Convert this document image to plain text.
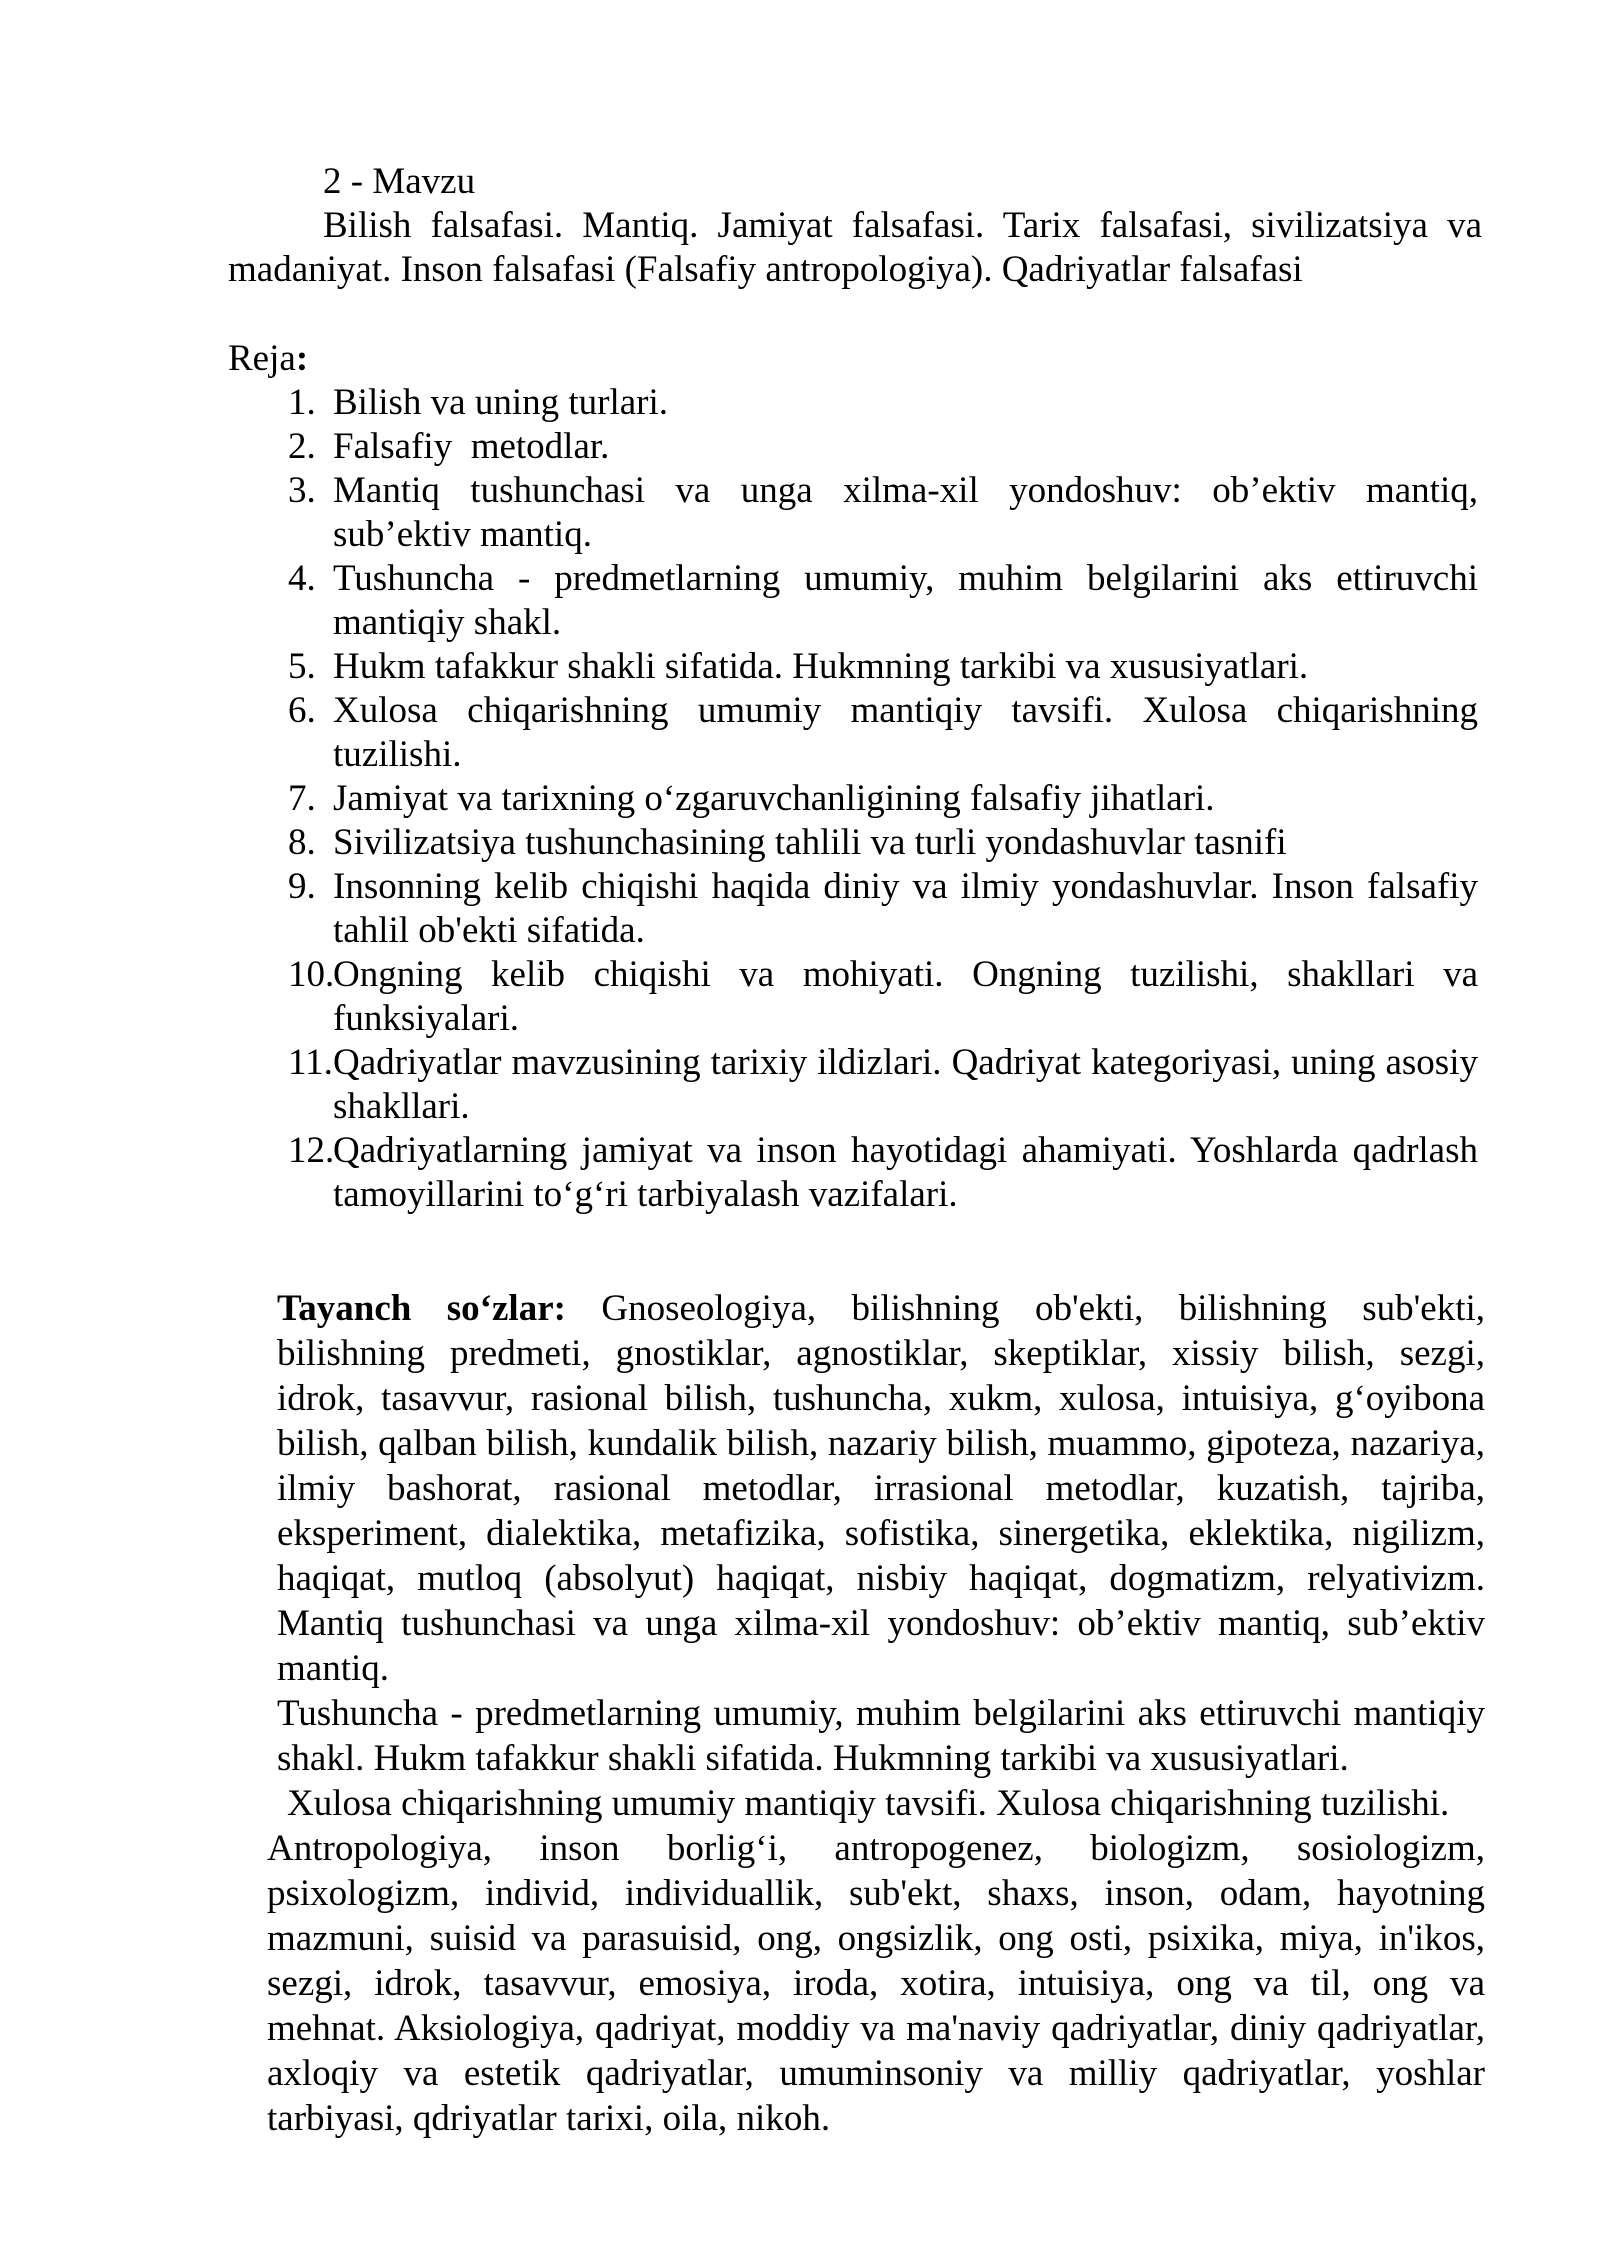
2 - Mavzu
Bilish falsafasi. Mantiq. Jamiyat falsafasi. Tarix falsafasi, sivilizatsiya va
madaniyat. Inson falsafasi (Falsafiy antropologiya). Qadriyatlar falsafasi
Reja:
1. Bilish va uning turlari.
2. Falsafiy  metodlar.
3. Mantiq tushunchasi va unga xilma-xil yondoshuv: ob’ektiv mantiq,
sub’ektiv mantiq.
4. Tushuncha - predmetlarning umumiy, muhim belgilarini aks ettiruvchi
mantiqiy shakl.
5. Hukm tafakkur shakli sifatida. Hukmning tarkibi va xususiyatlari.
6. Xulosa chiqarishning umumiy mantiqiy tavsifi. Xulosa chiqarishning
tuzilishi.
7. Jamiyat va tarixning oʻzgaruvchanligining falsafiy jihatlari.
8. Sivilizatsiya tushunchasining tahlili va turli yondashuvlar tasnifi
9. Insonning kelib chiqishi haqida diniy va ilmiy yondashuvlar. Inson falsafiy
tahlil ob'ekti sifatida.
10.
Ongning kelib chiqishi va mohiyati. Ongning tuzilishi, shakllari va
funksiyalari.
11. Qadriyatlar mavzusining tarixiy ildizlari. Qadriyat kategoriyasi, uning asosiy
shakllari.
12.
Qadriyatlarning jamiyat va inson hayotidagi ahamiyati. Yoshlarda qadrlash
tamoyillarini toʻgʻri tarbiyalash vazifalari.
Tayanch soʻzlar: Gnoseologiya, bilishning ob'ekti, bilishning sub'ekti,
bilishning predmeti, gnostiklar, agnostiklar, skeptiklar, xissiy bilish, sezgi,
idrok, tasavvur, rasional bilish, tushuncha, xukm, xulosa, intuisiya, gʻoyibona
bilish, qalban bilish, kundalik bilish, nazariy bilish, muammo, gipoteza, nazariya,
ilmiy bashorat, rasional metodlar, irrasional metodlar, kuzatish, tajriba,
eksperiment, dialektika, metafizika, sofistika, sinergetika, eklektika, nigilizm,
haqiqat, mutloq (absolyut) haqiqat, nisbiy haqiqat, dogmatizm, relyativizm.
Mantiq tushunchasi va unga xilma-xil yondoshuv: ob’ektiv mantiq, sub’ektiv
mantiq.
Tushuncha - predmetlarning umumiy, muhim belgilarini aks ettiruvchi mantiqiy
shakl. Hukm tafakkur shakli sifatida. Hukmning tarkibi va xususiyatlari.
Xulosa chiqarishning umumiy mantiqiy tavsifi. Xulosa chiqarishning tuzilishi.
Antropologiya, inson borligʻi, antropogenez, biologizm, sosiologizm,
psixologizm, individ, individuallik, sub'ekt, shaxs, inson, odam, hayotning
mazmuni, suisid va parasuisid, ong, ongsizlik, ong osti, psixika, miya, in'ikos,
sezgi, idrok, tasavvur, emosiya, iroda, xotira, intuisiya, ong va til, ong va
mehnat. Aksiologiya, qadriyat, moddiy va ma'naviy qadriyatlar, diniy qadriyatlar,
axloqiy va estetik qadriyatlar, umuminsoniy va milliy qadriyatlar, yoshlar
tarbiyasi, qdriyatlar tarixi, oila, nikoh.
